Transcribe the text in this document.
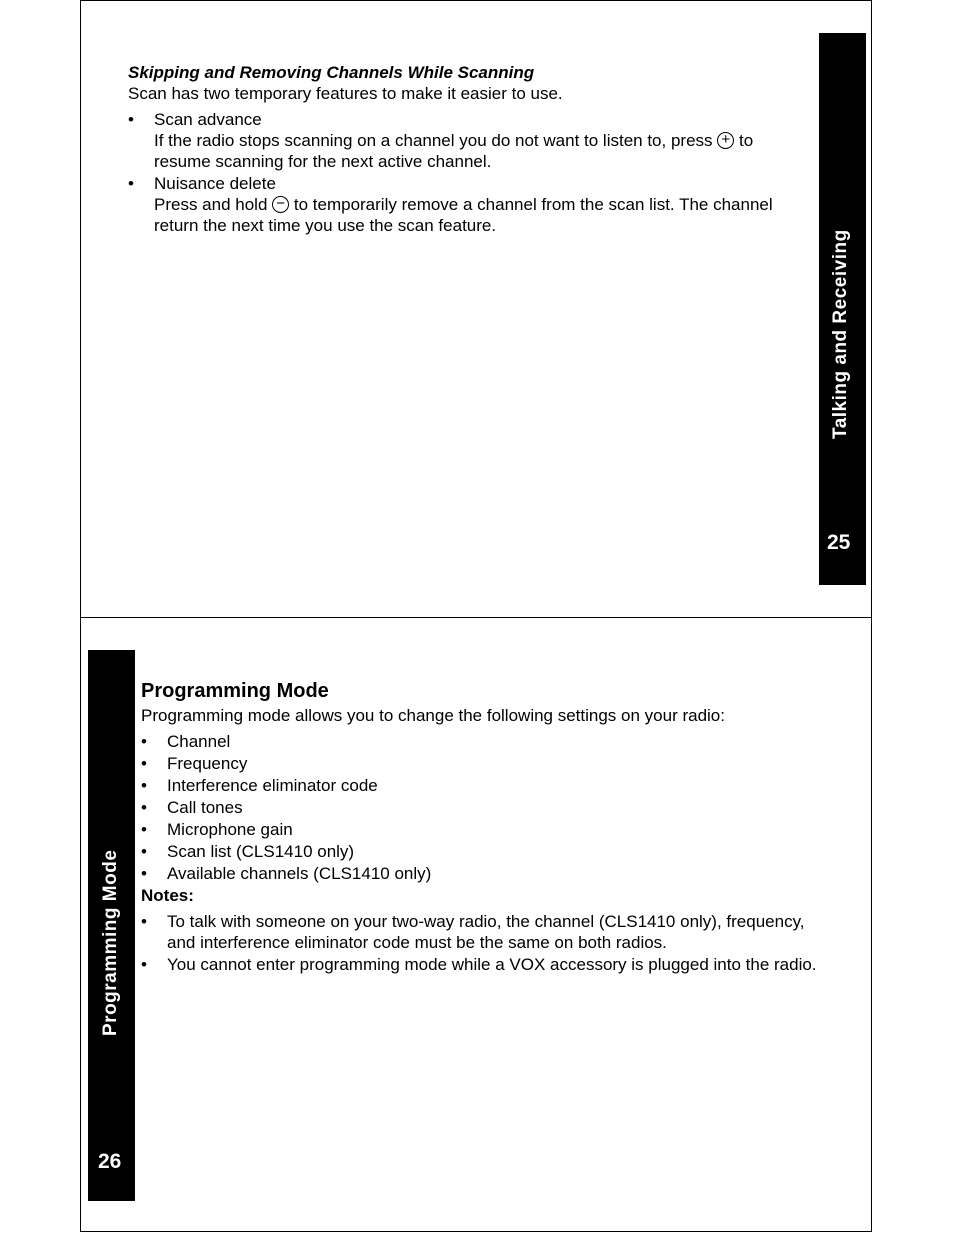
Talking and Receiving
25

Skipping and Removing Channels While Scanning

Scan has two temporary features to make it easier to use.

• Scan advance
If the radio stops scanning on a channel you do not want to listen to, press + to resume scanning for the next active channel.
• Nuisance delete
Press and hold − to temporarily remove a channel from the scan list. The channel return the next time you use the scan feature.
Programming Mode
26

Programming Mode

Programming mode allows you to change the following settings on your radio:

• Channel
• Frequency
• Interference eliminator code
• Call tones
• Microphone gain
• Scan list (CLS1410 only)
• Available channels (CLS1410 only)

Notes:

• To talk with someone on your two-way radio, the channel (CLS1410 only), frequency, and interference eliminator code must be the same on both radios.
• You cannot enter programming mode while a VOX accessory is plugged into the radio.
